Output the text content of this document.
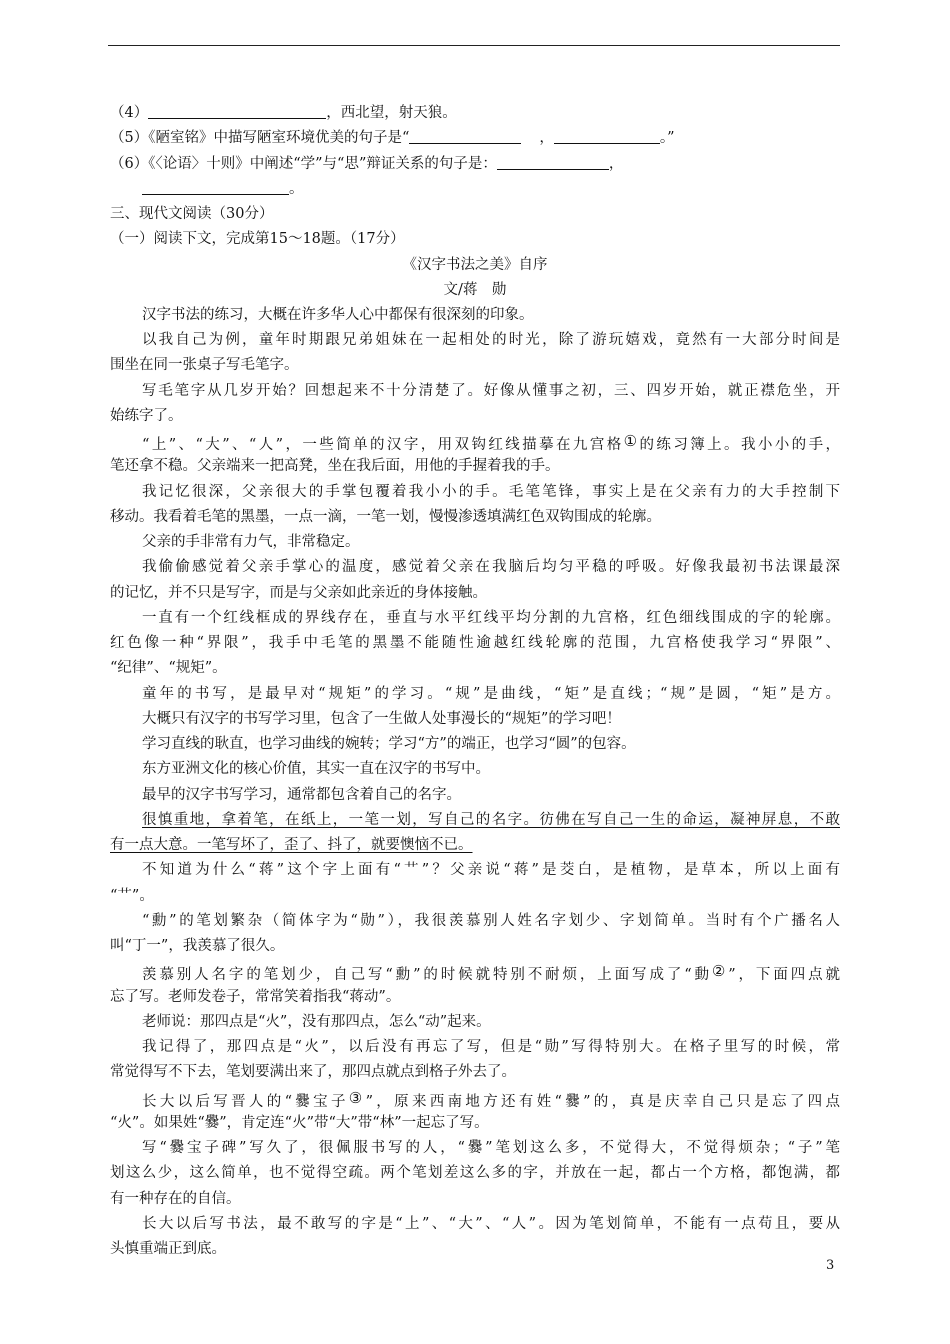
（4）	，西北望，射天狼。
（5）《陋室铭》中描写陋室环境优美的句子是“	，	。”
（6）《〈论语〉十则》中阐述“学”与“思”辩证关系的句子是：	，
。
三、现代文阅读（30分）
（一）阅读下文，完成第15～18题。（17分）
《汉字书法之美》自序
文/蒋　勋
汉字书法的练习，大概在许多华人心中都保有很深刻的印象。
以我自己为例，童年时期跟兄弟姐妹在一起相处的时光，除了游玩嬉戏，竟然有一大部分时间是
围坐在同一张桌子写毛笔字。
写毛笔字从几岁开始？回想起来不十分清楚了。好像从懂事之初，三、四岁开始，就正襟危坐，开
始练字了。
“上”、“大”、“人”，一些简单的汉字，用双钩红线描摹在九宫格①的练习簿上。我小小的手，
笔还拿不稳。父亲端来一把高凳，坐在我后面，用他的手握着我的手。
我记忆很深，父亲很大的手掌包覆着我小小的手。毛笔笔锋，事实上是在父亲有力的大手控制下
移动。我看着毛笔的黑墨，一点一滴，一笔一划，慢慢渗透填满红色双钩围成的轮廓。
父亲的手非常有力气，非常稳定。
我偷偷感觉着父亲手掌心的温度，感觉着父亲在我脑后均匀平稳的呼吸。好像我最初书法课最深
的记忆，并不只是写字，而是与父亲如此亲近的身体接触。
一直有一个红线框成的界线存在，垂直与水平红线平均分割的九宫格，红色细线围成的字的轮廓。
红色像一种“界限”，我手中毛笔的黑墨不能随性逾越红线轮廓的范围，九宫格使我学习“界限”、
“纪律”、“规矩”。
童年的书写，是最早对“规矩”的学习。“规”是曲线，“矩”是直线；“规”是圆，“矩”是方。
大概只有汉字的书写学习里，包含了一生做人处事漫长的“规矩”的学习吧！
学习直线的耿直，也学习曲线的婉转；学习“方”的端正，也学习“圆”的包容。
东方亚洲文化的核心价值，其实一直在汉字的书写中。
最早的汉字书写学习，通常都包含着自己的名字。
很慎重地，拿着笔，在纸上，一笔一划，写自己的名字。彷佛在写自己一生的命运，凝神屏息，不敢
有一点大意。一笔写坏了，歪了、抖了，就要懊恼不已。
不知道为什么“蒋”这个字上面有“艹”？父亲说“蒋”是茭白，是植物，是草本，所以上面有
“艹”。
“勳”的笔划繁杂（简体字为“勋”），我很羡慕别人姓名字划少、字划简单。当时有个广播名人
叫“丁一”，我羡慕了很久。
羡慕别人名字的笔划少，自己写“勳”的时候就特别不耐烦，上面写成了“動②”，下面四点就
忘了写。老师发卷子，常常笑着指我“蒋动”。
老师说：那四点是“火”，没有那四点，怎么“动”起来。
我记得了，那四点是“火”，以后没有再忘了写，但是“勋”写得特别大。在格子里写的时候，常
常觉得写不下去，笔划要满出来了，那四点就点到格子外去了。
长大以后写晋人的“爨宝子③”，原来西南地方还有姓“爨”的，真是庆幸自己只是忘了四点
“火”。如果姓“爨”，肯定连“火”带“大”带“林”一起忘了写。
写“爨宝子碑”写久了，很佩服书写的人，“爨”笔划这么多，不觉得大，不觉得烦杂；“子”笔
划这么少，这么简单，也不觉得空疏。两个笔划差这么多的字，并放在一起，都占一个方格，都饱满，都
有一种存在的自信。
长大以后写书法，最不敢写的字是“上”、“大”、“人”。因为笔划简单，不能有一点苟且，要从
头慎重端正到底。
3
